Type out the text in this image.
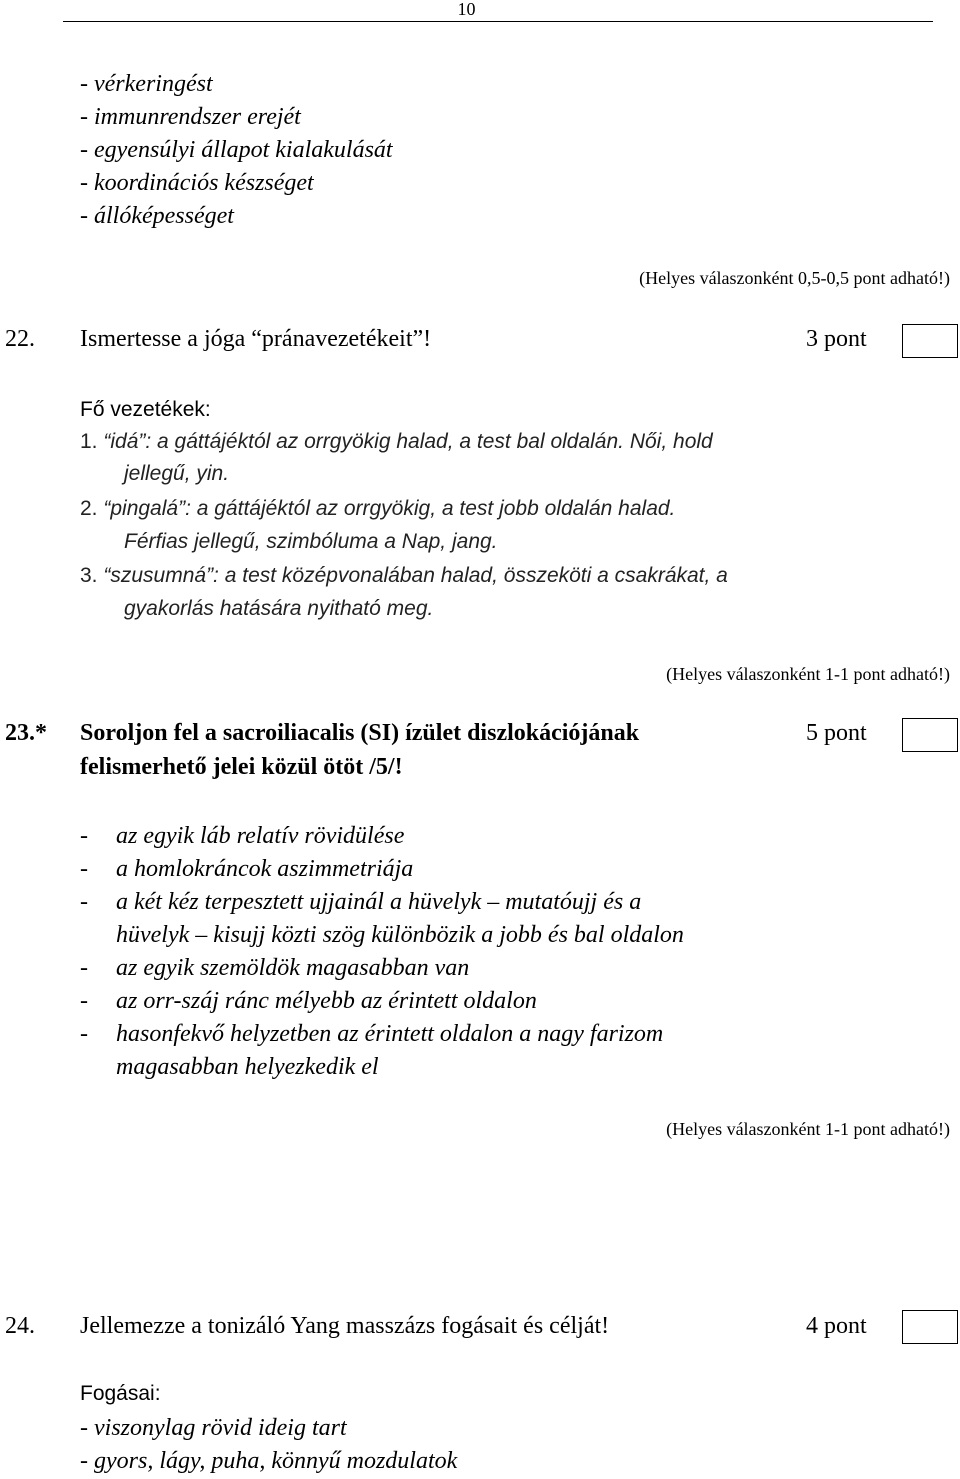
10
- vérkeringést
- immunrendszer erejét
- egyensúlyi állapot kialakulását
- koordinációs készséget
- állóképességet
(Helyes válaszonként 0,5-0,5 pont adható!)
22. Ismertesse a jóga “pránavezetékeit”!	3 pont
Fő vezetékek:
1. “idá”: a gáttájéktól az orrgyökig halad, a test bal oldalán. Női, hold
jellegű, yin.
2. “pingalá”: a gáttájéktól az orrgyökig, a test jobb oldalán halad.
Férfias jellegű, szimbóluma a Nap, jang.
3. “szusumná”: a test középvonalában halad, összeköti a csakrákat, a
gyakorlás hatására nyitható meg.
(Helyes válaszonként 1-1 pont adható!)
23.* Soroljon fel a sacroiliacalis (SI) ízület diszlokációjának
felismerhető jelei közül ötöt /5/!
5 pont
- az egyik láb relatív rövidülése
- a homlokráncok aszimmetriája
- a két kéz terpesztett ujjainál a hüvelyk – mutatóujj és a
hüvelyk – kisujj közti szög különbözik a jobb és bal oldalon
- az egyik szemöldök magasabban van
- az orr-száj ránc mélyebb az érintett oldalon
- hasonfekvő helyzetben az érintett oldalon a nagy farizom
magasabban helyezkedik el
(Helyes válaszonként 1-1 pont adható!)
24. Jellemezze a tonizáló Yang masszázs fogásait és célját!	4 pont
Fogásai:
- viszonylag rövid ideig tart
- gyors, lágy, puha, könnyű mozdulatok
